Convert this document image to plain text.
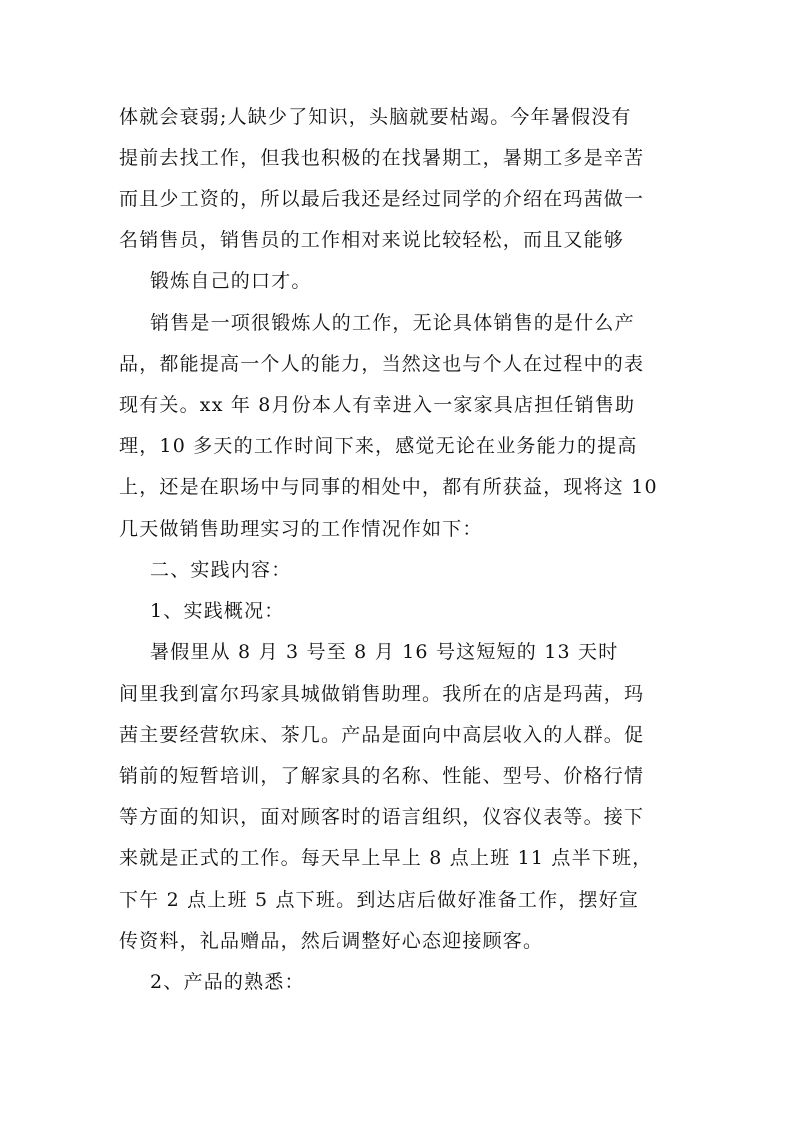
体就会衰弱;人缺少了知识，头脑就要枯竭。今年暑假没有
提前去找工作，但我也积极的在找暑期工，暑期工多是辛苦
而且少工资的，所以最后我还是经过同学的介绍在玛茜做一
名销售员，销售员的工作相对来说比较轻松，而且又能够
锻炼自己的口才。
销售是一项很锻炼人的工作，无论具体销售的是什么产
品，都能提高一个人的能力，当然这也与个人在过程中的表
现有关。xx 年 8月份本人有幸进入一家家具店担任销售助
理，10 多天的工作时间下来，感觉无论在业务能力的提高
上，还是在职场中与同事的相处中，都有所获益，现将这 10
几天做销售助理实习的工作情况作如下：
二、实践内容：
1、实践概况：
暑假里从 8 月 3 号至 8 月 16 号这短短的 13 天时
间里我到富尔玛家具城做销售助理。我所在的店是玛茜，玛
茜主要经营软床、茶几。产品是面向中高层收入的人群。促
销前的短暂培训，了解家具的名称、性能、型号、价格行情
等方面的知识，面对顾客时的语言组织，仪容仪表等。接下
来就是正式的工作。每天早上早上 8 点上班 11 点半下班，
下午 2 点上班 5 点下班。到达店后做好准备工作，摆好宣
传资料，礼品赠品，然后调整好心态迎接顾客。
2、产品的熟悉：
